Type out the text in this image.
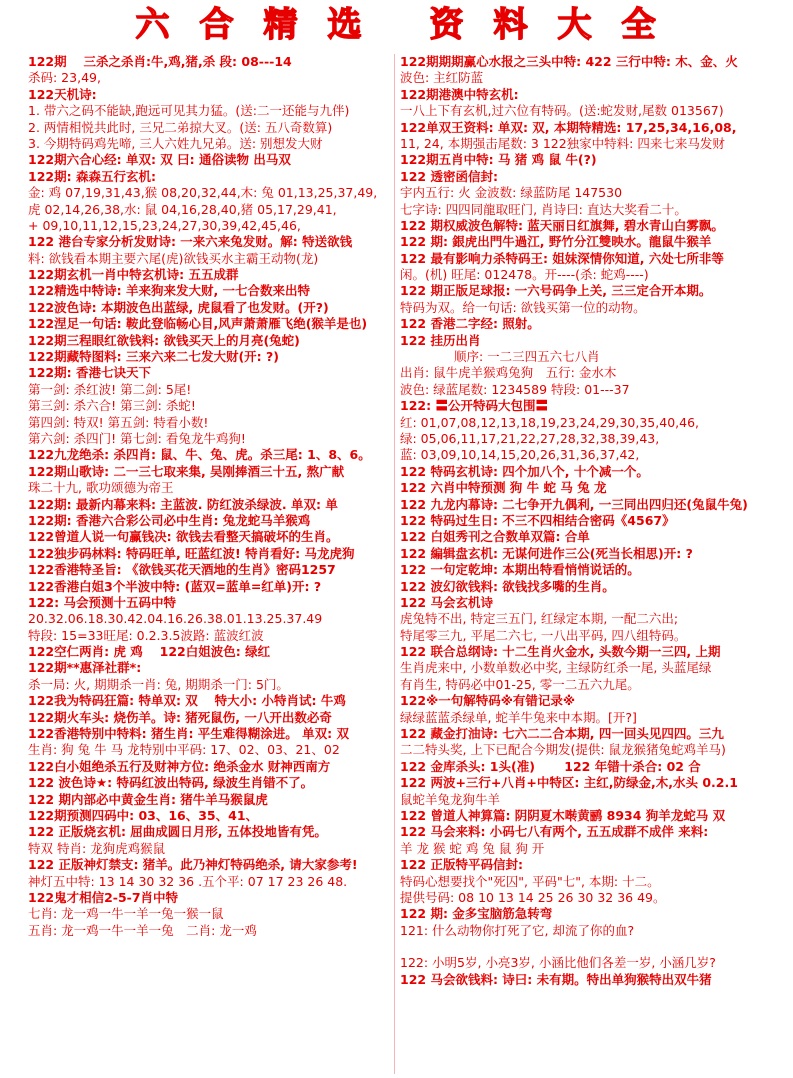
六 合 精 选 资 料 大 全
122期　 三杀之杀肖:牛,鸡,猪,杀 段: 08---14
杀码: 23,49,
122天机诗:
1. 带六之码不能缺,跑远可见其力猛。(送:二一还能与九伴)
2. 两情相悦共此时, 三兄二弟掠大叉。(送: 五八奇数算)
3. 今期特码鸡先啼, 三人六姓九兄弟。送: 别想发大财
122期六合心经: 单双: 双 曰: 通俗读物 出马双
122期: 森森五行玄机:
金: 鸡 07,19,31,43,猴 08,20,32,44,木: 兔 01,13,25,37,49,
虎 02,14,26,38,水: 鼠 04,16,28,40,猪 05,17,29,41,
+ 09,10,11,12,15,23,24,27,30,39,42,45,46,
122 港台专家分析发财诗: 一来六来兔发财。解: 特送欲钱
料: 欲钱看本期主要六尾(虎)欲钱买水主霸王动物(龙)
122期玄机一肖中特玄机诗: 五五成群
122精选中特诗: 羊来狗来发大财, 一七合数来出特
122波色诗: 本期波色出蓝绿, 虎鼠看了也发财。(开?)
122涅足一句话: 鞍此登临畅心目,风声萧萧雁飞绝(猴羊是也)
122期三程眼红欲钱料: 欲钱买天上的月亮(兔蛇)
122期藏特图料: 三来六来二七发大财(开: ?)
122期: 香港七诀天下
第一剑: 杀红波! 第二剑: 5尾!
第三剑: 杀六合! 第三剑: 杀蛇!
第四剑: 特双! 第五剑: 特看小数!
第六剑: 杀四门! 第七剑: 看兔龙牛鸡狗!
122九龙绝杀: 杀四肖: 鼠、牛、兔、虎。杀三尾: 1、8、6。
122期山歌诗: 二一三七取来集, 吴刚捧酒三十五, 熬广献
珠二十九, 歌功颂德为帝王
122期: 最新内幕来料: 主蓝波. 防红波杀绿波. 单双: 单
122期: 香港六合彩公司必中生肖: 兔龙蛇马羊猴鸡
122曾道人说一句赢钱决: 欲钱去看整天搞破坏的生肖。
122独步码林料: 特码旺单, 旺蓝红波! 特肖看好: 马龙虎狗
122香港特圣旨: 《欲钱买花天酒地的生肖》密码1257
122香港白姐3个半波中特: (蓝双=蓝单=红单)开: ?
122: 马会预测十五码中特
20.32.06.18.30.42.04.16.26.38.01.13.25.37.49
特段: 15=33旺尾: 0.2.3.5波路: 蓝波红波
122空仁两肖: 虎 鸡　 122白姐波色: 绿红
122期**惠泽社群*:
杀一局: 火, 期期杀一肖: 兔, 期期杀一门: 5门。
122我为特码狂篇: 特单双: 双　 特大小: 小特肖试: 牛鸡
122期火车头: 烧伤羊。诗: 猪死鼠伤, 一八开出数必奇
122香港特别中特料: 猪生肖: 平生难得糊涂进。 单双: 双
生肖: 狗 兔 牛 马 龙特别中平码: 17、02、03、21、02
122白小姐绝杀五行及财神方位: 绝杀金水 财神西南方
122 波色诗★: 特码红波出特码, 绿波生肖错不了。
122 期内部必中黄金生肖: 猪牛羊马猴鼠虎
122期预测四码中: 03、16、35、41、
122 正版烧玄机: 屈曲成圆日月形, 五体投地皆有凭。
特双 特肖: 龙狗虎鸡猴鼠
122 正版神灯禁支: 猪羊。此乃神灯特码绝杀, 请大家参考!
神灯五中特: 13 14 30 32 36 .五个平: 07 17 23 26 48.
122鬼才相信2-5-7肖中特
七肖: 龙一鸡一牛一羊一兔一猴一鼠
五肖: 龙一鸡一牛一羊一兔　二肖: 龙一鸡
122期期期赢心水报之三头中特: 422 三行中特: 木、金、火
波色: 主红防蓝
122期港澳中特玄机:
一八上下有玄机,过六位有特码。(送:蛇发财,尾数 013567)
122单双王资料: 单双: 双, 本期特精选: 17,25,34,16,08,
11, 24, 本期强击尾数: 3 122独家中特料: 四来七来马发财
122期五肖中特: 马 猪 鸡 鼠 牛(?)
122 透密函信封:
宇内五行: 火 金波数: 绿蓝防尾 147530
七字诗: 四四同龍取旺门, 肖诗曰: 直达大奖看二十。
122 期权威波色解特: 蓝天丽日红旗舞, 碧水青山白雾飘。
122 期: 銀虎出門牛過江, 野竹分江雙映水。龍鼠牛猴羊
122 最有影响力杀特码王: 姐妹深情你知道, 六处七所非等
闲。(机) 旺尾: 012478。开----(杀: 蛇鸡----)
122 期正版足球报: 一六号码争上关, 三三定合开本期。
特码为双。给一句话: 欲钱买第一位的动物。
122 香港二字经: 照射。
122 挂历出肖
　　　　 顺序: 一二三四五六七八肖
出肖: 鼠牛虎羊猴鸡兔狗　五行: 金水木
波色: 绿蓝尾数: 1234589 特段: 01---37
122: 〓公开特码大包围〓
红: 01,07,08,12,13,18,19,23,24,29,30,35,40,46,
绿: 05,06,11,17,21,22,27,28,32,38,39,43,
蓝: 03,09,10,14,15,20,26,31,36,37,42,
122 特码玄机诗: 四个加八个, 十个减一个。
122 六肖中特预测 狗 牛 蛇 马 兔 龙
122 九龙内幕诗: 二七争开九偶利, 一三同出四归还(兔鼠牛兔)
122 特码过生日: 不三不四相结合密码《4567》
122 白姐秀刊之合数单双篇: 合单
122 編辑盘玄机: 无谋何进作三公(死当长相思)开: ?
122 一句定乾坤: 本期出特看悄悄说话的。
122 波幻欲钱料: 欲钱找多嘴的生肖。
122 马会玄机诗
虎兔特不出, 特定三五门, 红绿定本期, 一配二六出;
特尾零三九, 平尾二六七, 一八出平码, 四八组特码。
122 联合总纲诗: 十二生肖火金水, 头数今期一三四, 上期
生肖虎来中, 小数单数必中奖, 主绿防红杀一尾, 头蓝尾绿
有肖生, 特码必中01-25, 零一二五六九尾。
122※一句解特码※有错记录※
绿绿蓝蓝杀绿单, 蛇羊牛兔来中本期。[开?]
122 藏金打油诗: 七六二二合本期, 四一回头见四四。三九
二二特头奖, 上下已配合今期发(提供: 鼠龙猴猪兔蛇鸡羊马)
122 金库杀头: 1头(准)　　 122 年错十杀合: 02 合
122 两波+三行+八肖+中特区: 主红,防绿金,木,水头 0.2.1
鼠蛇羊兔龙狗牛羊
122 曾道人神算篇: 阴阴夏木啭黄鹂 8934 狗羊龙蛇马 双
122 马会来料: 小码七八有两个, 五五成群不成伴 来料:
羊 龙 猴 蛇 鸡 兔 鼠 狗 开
122 正版特平码信封:
特码心想要找个"死囚", 平码"七", 本期: 十二。
提供号码: 08 10 13 14 25 26 30 32 36 49。
122 期: 金多宝脑筋急转弯
121: 什么动物你打死了它, 却流了你的血?
122: 小明5岁, 小亮3岁, 小涵比他们各差一岁, 小涵几岁?
122 马会欲钱料: 诗曰: 未有期。特出单狗猴特出双牛猪
